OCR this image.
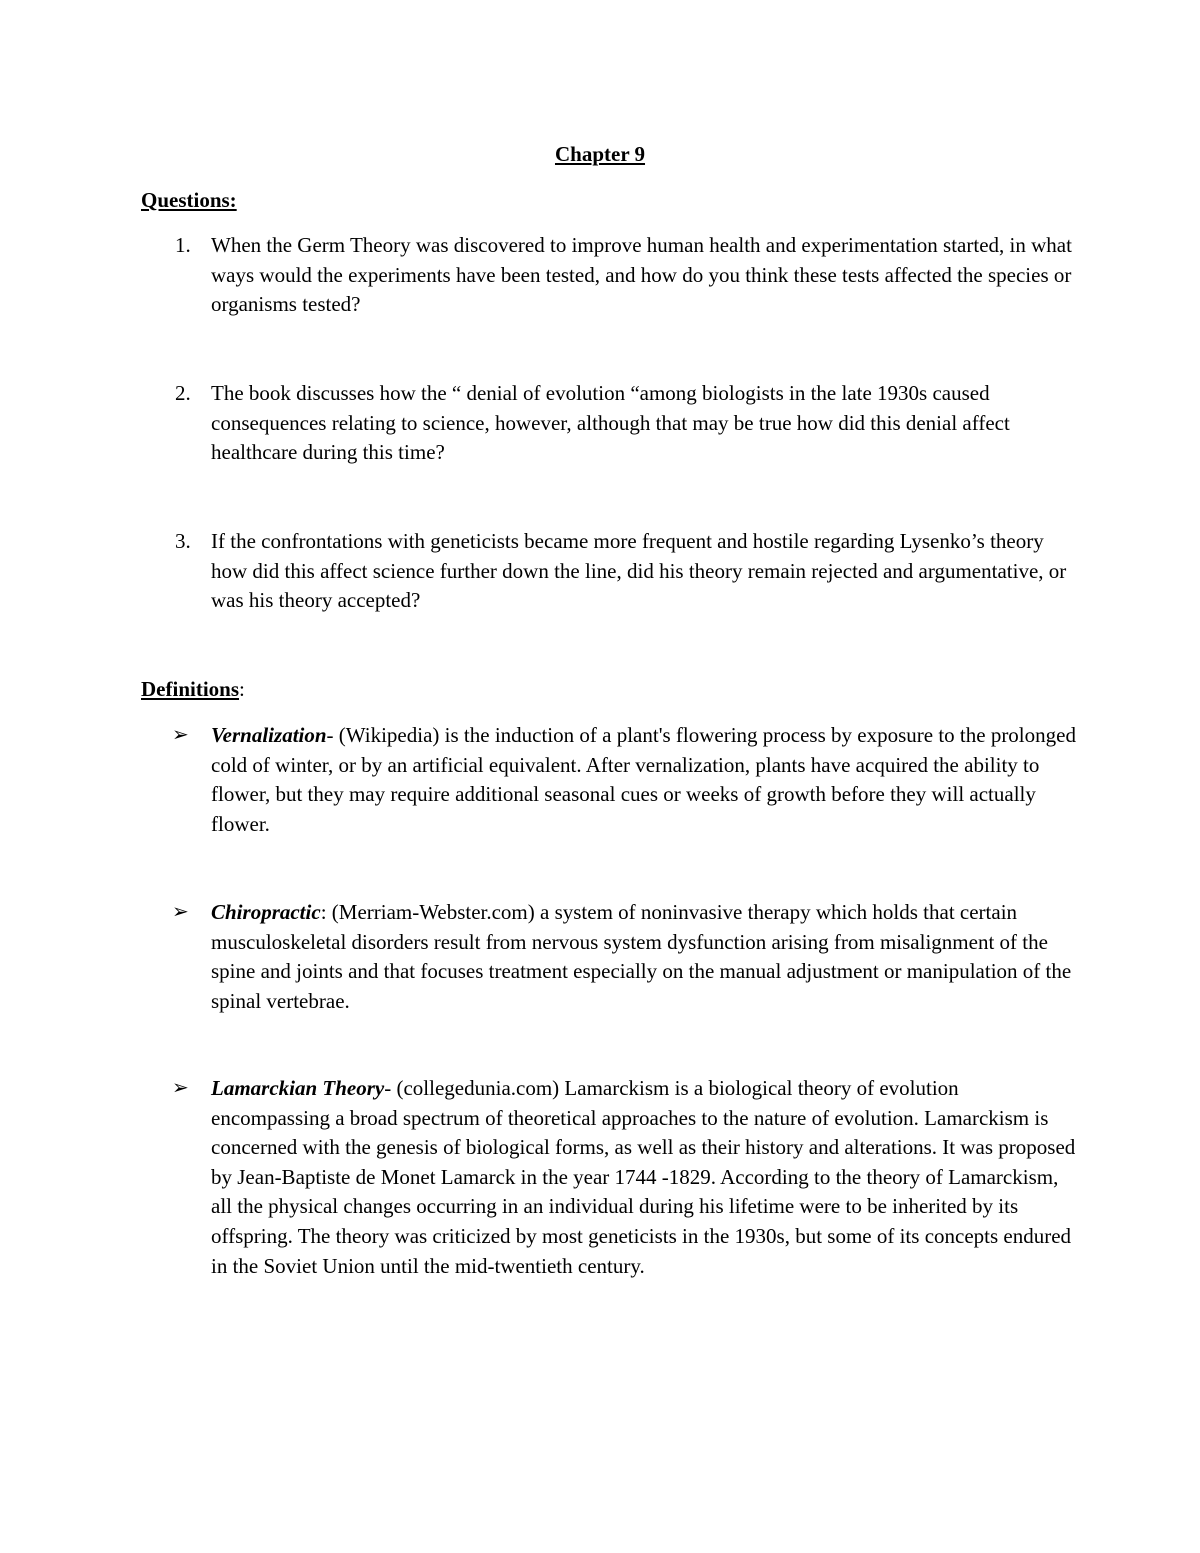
Chapter 9
Questions:
1. When the Germ Theory was discovered to improve human health and experimentation started, in what ways would the experiments have been tested, and how do you think these tests affected the species or organisms tested?
2. The book discusses how the “ denial of evolution “among biologists in the late 1930s caused consequences relating to science, however, although that may be true how did this denial affect healthcare during this time?
3. If the confrontations with geneticists became more frequent and hostile regarding Lysenko’s theory how did this affect science further down the line, did his theory remain rejected and argumentative, or was his theory accepted?
Definitions:
➢	Vernalization- (Wikipedia) is the induction of a plant's flowering process by exposure to the prolonged cold of winter, or by an artificial equivalent. After vernalization, plants have acquired the ability to flower, but they may require additional seasonal cues or weeks of growth before they will actually flower.
➢	Chiropractic: (Merriam-Webster.com) a system of noninvasive therapy which holds that certain musculoskeletal disorders result from nervous system dysfunction arising from misalignment of the spine and joints and that focuses treatment especially on the manual adjustment or manipulation of the spinal vertebrae.
➢	Lamarckian Theory- (collegedunia.com) Lamarckism is a biological theory of evolution encompassing a broad spectrum of theoretical approaches to the nature of evolution. Lamarckism is concerned with the genesis of biological forms, as well as their history and alterations. It was proposed by Jean-Baptiste de Monet Lamarck in the year 1744 -1829. According to the theory of Lamarckism, all the physical changes occurring in an individual during his lifetime were to be inherited by its offspring. The theory was criticized by most geneticists in the 1930s, but some of its concepts endured in the Soviet Union until the mid-twentieth century.
